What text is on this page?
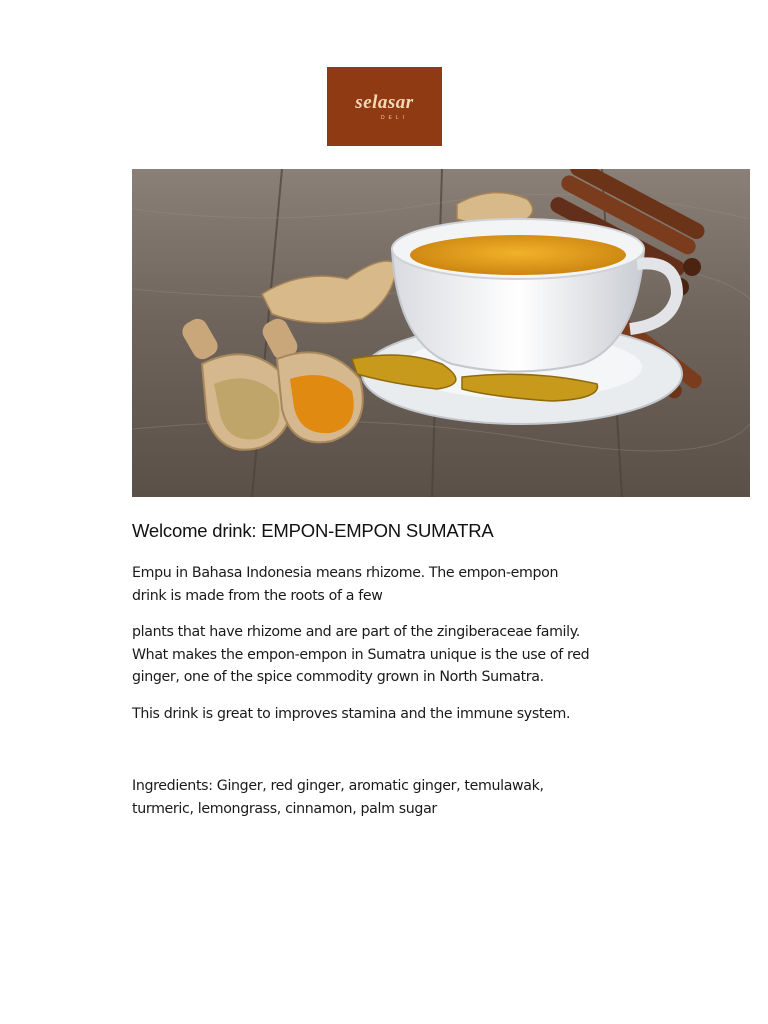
selasar
DELI
Welcome drink: EMPON-EMPON SUMATRA

Empu in Bahasa Indonesia means rhizome. The empon-empon
drink is made from the roots of a few

plants that have rhizome and are part of the zingiberaceae family.
What makes the empon-empon in Sumatra unique is the use of red
ginger, one of the spice commodity grown in North Sumatra.

This drink is great to improves stamina and the immune system.

Ingredients: Ginger, red ginger, aromatic ginger, temulawak,
turmeric, lemongrass, cinnamon, palm sugar
